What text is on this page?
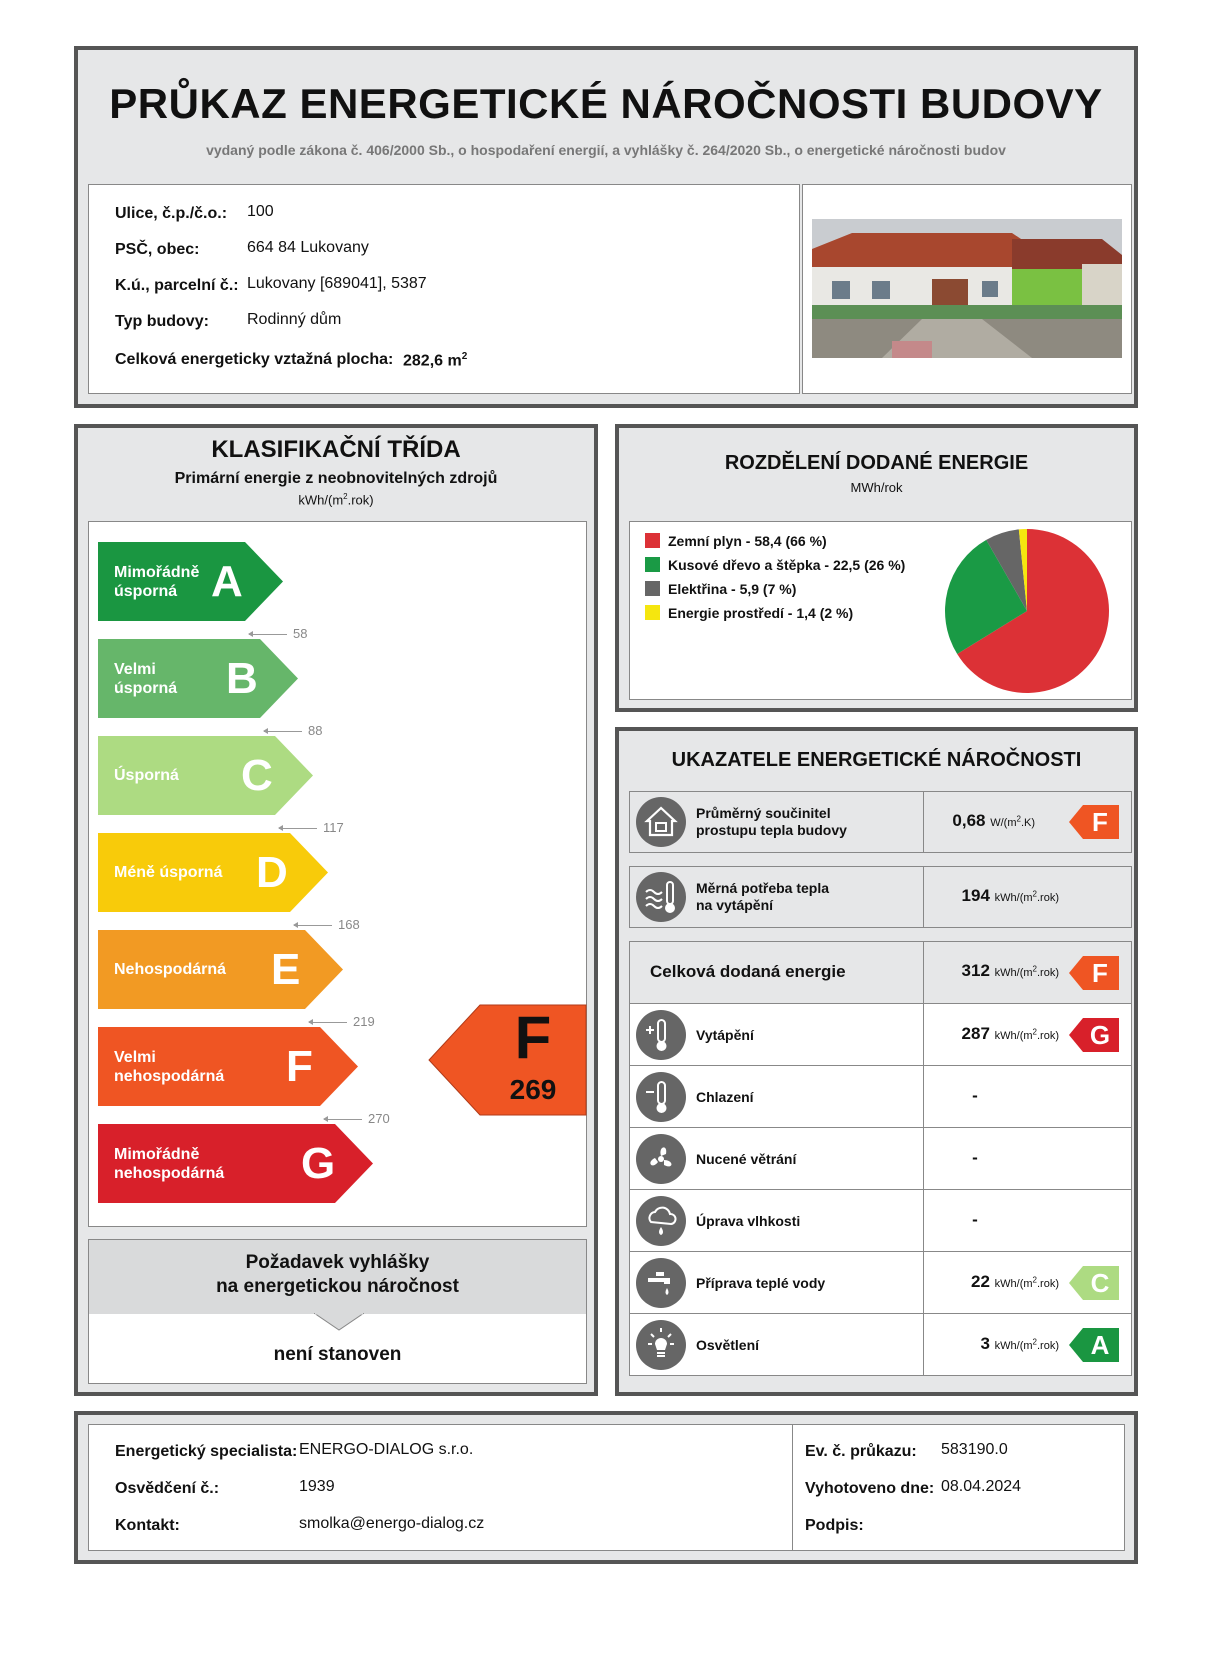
PRŮKAZ ENERGETICKÉ NÁROČNOSTI BUDOVY
vydaný podle zákona č. 406/2000 Sb., o hospodaření energií, a vyhlášky č. 264/2020 Sb., o energetické náročnosti budov
Ulice, č.p./č.o.: 100
PSČ, obec:	664 84 Lukovany
K.ú., parcelní č.: Lukovany [689041], 5387
Typ budovy: Rodinný dům
Celková energeticky vztažná plocha: 282,6 $m^2$
KLASIFIKAČNÍ TŘÍDA
Primární energie z neobnovitelných zdrojů
kWh/$(m^2.rok)$
Mimořádně
úsporná A
Velmi
úsporná B
Úsporná C
Méně úsporná D
Nehospodárná E
Velmi
nehospodárná F
Mimořádně
nehospodárná G
58
88
117
168
219
270
F
269
Požadavek vyhlášky
na energetickou náročnost
není stanoven
ROZDĚLENÍ DODANÉ ENERGIE
MWh/rok
Zemní plyn - 58,4 (66 %)
Kusové dřevo a štěpka - 22,5 (26 %)
Elektřina - 5,9 (7 %)
Energie prostředí - 1,4 (2 %)
UKAZATELE ENERGETICKÉ NÁROČNOSTI
Průměrný součinitel
prostupu tepla budovy	0,68 $W/(m^2.K)$	F
Měrná potřeba tepla
na vytápění	194 kWh/$(m^2.rok)$
Celková dodaná energie	312 kWh/$(m^2.rok)$	F
Vytápění	287 kWh/$(m^2.rok)$	G
Chlazení	-
Nucené větrání	-
Úprava vlhkosti	-
Příprava teplé vody	22 kWh/$(m^2.rok)$	C
Osvětlení	3 kWh/$(m^2.rok)$	A
Energetický specialista: ENERGO-DIALOG s.r.o.
Osvědčení č.:	1939
Kontakt:	smolka@energo-dialog.cz
Ev. č. průkazu: 583190.0
Vyhotoveno dne: 08.04.2024
Podpis:
